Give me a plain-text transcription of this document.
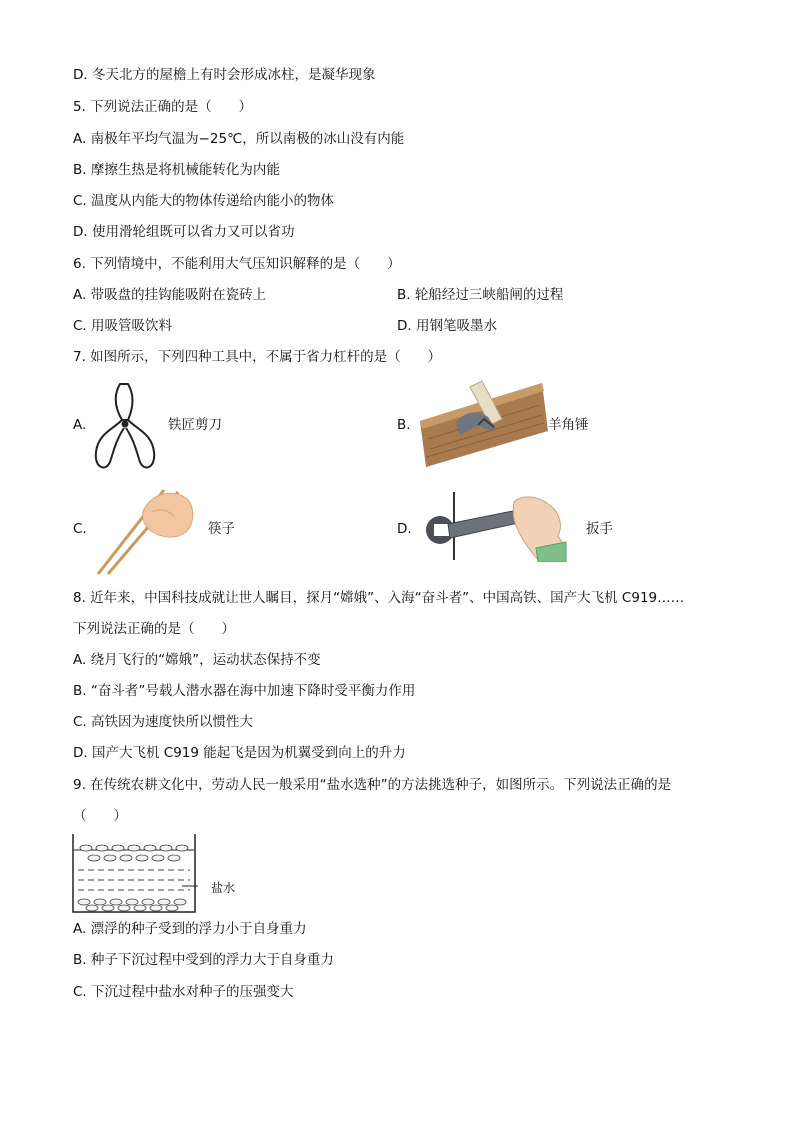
D. 冬天北方的屋檐上有时会形成冰柱，是凝华现象
5. 下列说法正确的是（　　）
A. 南极年平均气温为−25℃，所以南极的冰山没有内能
B. 摩擦生热是将机械能转化为内能
C. 温度从内能大的物体传递给内能小的物体
D. 使用滑轮组既可以省力又可以省功
6. 下列情境中，不能利用大气压知识解释的是（　　）
A. 带吸盘的挂钩能吸附在瓷砖上	B. 轮船经过三峡船闸的过程
C. 用吸管吸饮料	D. 用钢笔吸墨水
7. 如图所示，下列四种工具中，不属于省力杠杆的是（　　）
A.	铁匠剪刀	B.	羊角锤
C.	筷子	D.	扳手
8. 近年来，中国科技成就让世人瞩目，探月“嫦娥”、入海“奋斗者”、中国高铁、国产大飞机 C919……
下列说法正确的是（　　）
A. 绕月飞行的“嫦娥”，运动状态保持不变
B. “奋斗者”号载人潜水器在海中加速下降时受平衡力作用
C. 高铁因为速度快所以惯性大
D. 国产大飞机 C919 能起飞是因为机翼受到向上的升力
9. 在传统农耕文化中，劳动人民一般采用“盐水选种”的方法挑选种子，如图所示。下列说法正确的是
（　　）
盐水
A. 漂浮的种子受到的浮力小于自身重力
B. 种子下沉过程中受到的浮力大于自身重力
C. 下沉过程中盐水对种子的压强变大
